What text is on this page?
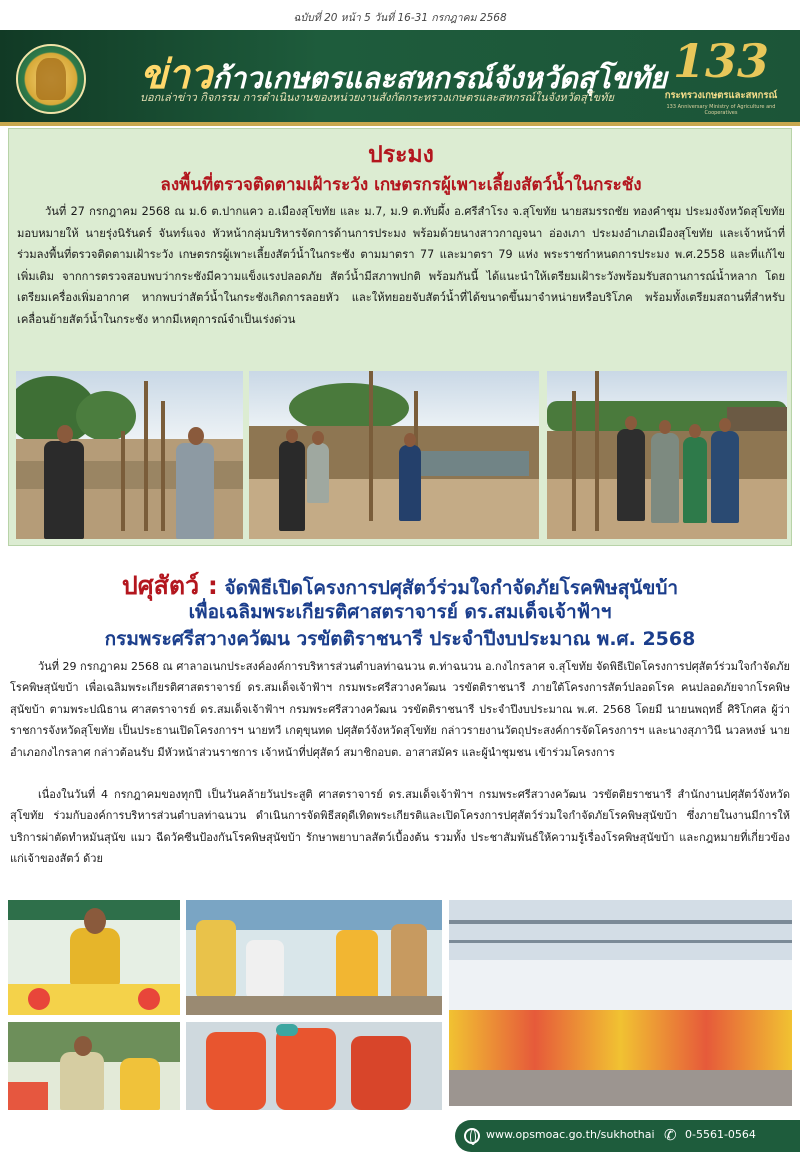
ฉบับที่ 20 หน้า 5 วันที่ 16-31 กรกฎาคม 2568
ข่าวก้าวเกษตรและสหกรณ์จังหวัดสุโขทัย
บอกเล่าข่าว กิจกรรม การดำเนินงานของหน่วยงานสังกัดกระทรวงเกษตรและสหกรณ์ในจังหวัดสุโขทัย
133
กระทรวงเกษตรและสหกรณ์
133 Anniversary Ministry of Agriculture and Cooperatives
ประมง
ลงพื้นที่ตรวจติดตามเฝ้าระวัง เกษตรกรผู้เพาะเลี้ยงสัตว์น้ำในกระชัง
วันที่ 27 กรกฎาคม 2568 ณ ม.6 ต.ปากแคว อ.เมืองสุโขทัย และ ม.7, ม.9 ต.ทับผึ้ง อ.ศรีสำโรง จ.สุโขทัย นายสมรรถชัย ทองคำชุม ประมงจังหวัดสุโขทัย มอบหมายให้ นายรุ่งนิรันดร์ จันทร์แจง หัวหน้ากลุ่มบริหารจัดการด้านการประมง พร้อมด้วยนางสาวกาญจนา อ่องเภา ประมงอำเภอเมืองสุโขทัย และเจ้าหน้าที่ ร่วมลงพื้นที่ตรวจติดตามเฝ้าระวัง เกษตรกรผู้เพาะเลี้ยงสัตว์น้ำในกระชัง ตามมาตรา 77 และมาตรา 79 แห่ง พระราชกำหนดการประมง พ.ศ.2558 และที่แก้ไขเพิ่มเติม จากการตรวจสอบพบว่ากระชังมีความแข็งแรงปลอดภัย สัตว์น้ำมีสภาพปกติ พร้อมกันนี้ ได้แนะนำให้เตรียมเฝ้าระวังพร้อมรับสถานการณ์น้ำหลาก โดยเตรียมเครื่องเพิ่มอากาศ หากพบว่าสัตว์น้ำในกระชังเกิดการลอยหัว และให้ทยอยจับสัตว์น้ำที่ได้ขนาดขึ้นมาจำหน่ายหรือบริโภค พร้อมทั้งเตรียมสถานที่สำหรับเคลื่อนย้ายสัตว์น้ำในกระชัง หากมีเหตุการณ์จำเป็นเร่งด่วน
ปศุสัตว์ : จัดพิธีเปิดโครงการปศุสัตว์ร่วมใจกำจัดภัยโรคพิษสุนัขบ้า
เพื่อเฉลิมพระเกียรติศาสตราจารย์ ดร.สมเด็จเจ้าฟ้าฯ
กรมพระศรีสวางควัฒน วรขัตติราชนารี ประจำปีงบประมาณ พ.ศ. 2568
วันที่ 29 กรกฎาคม 2568 ณ ศาลาอเนกประสงค์องค์การบริหารส่วนตำบลท่าฉนวน ต.ท่าฉนวน อ.กงไกรลาศ จ.สุโขทัย จัดพิธีเปิดโครงการปศุสัตว์ร่วมใจกำจัดภัยโรคพิษสุนัขบ้า เพื่อเฉลิมพระเกียรติศาสตราจารย์ ดร.สมเด็จเจ้าฟ้าฯ กรมพระศรีสวางควัฒน วรขัตติราชนารี ภายใต้โครงการสัตว์ปลอดโรค คนปลอดภัยจากโรคพิษสุนัขบ้า ตามพระปณิธาน ศาสตราจารย์ ดร.สมเด็จเจ้าฟ้าฯ กรมพระศรีสวางควัฒน วรขัตติราชนารี ประจำปีงบประมาณ พ.ศ. 2568 โดยมี นายนพฤทธิ์ ศิริโกศล ผู้ว่าราชการจังหวัดสุโขทัย เป็นประธานเปิดโครงการฯ นายทวี เกตุขุนทด ปศุสัตว์จังหวัดสุโขทัย กล่าวรายงานวัตถุประสงค์การจัดโครงการฯ และนางสุภาวินี นวลหงษ์ นายอำเภอกงไกรลาศ กล่าวต้อนรับ มีหัวหน้าส่วนราชการ เจ้าหน้าที่ปศุสัตว์ สมาชิกอบต. อาสาสมัคร และผู้นำชุมชน เข้าร่วมโครงการ
เนื่องในวันที่ 4 กรกฎาคมของทุกปี เป็นวันคล้ายวันประสูติ ศาสตราจารย์ ดร.สมเด็จเจ้าฟ้าฯ กรมพระศรีสวางควัฒน วรขัตติยราชนารี สำนักงานปศุสัตว์จังหวัดสุโขทัย ร่วมกับองค์การบริหารส่วนตำบลท่าฉนวน ดำเนินการจัดพิธีสดุดีเทิดพระเกียรติและเปิดโครงการปศุสัตว์ร่วมใจกำจัดภัยโรคพิษสุนัขบ้า ซึ่งภายในงานมีการให้บริการผ่าตัดทำหมันสุนัข แมว ฉีดวัคซีนป้องกันโรคพิษสุนัขบ้า รักษาพยาบาลสัตว์เบื้องต้น รวมทั้ง ประชาสัมพันธ์ให้ความรู้เรื่องโรคพิษสุนัขบ้า และกฎหมายที่เกี่ยวข้องแก่เจ้าของสัตว์ ด้วย
www.opsmoac.go.th/sukhothai ✆ 0-5561-0564
